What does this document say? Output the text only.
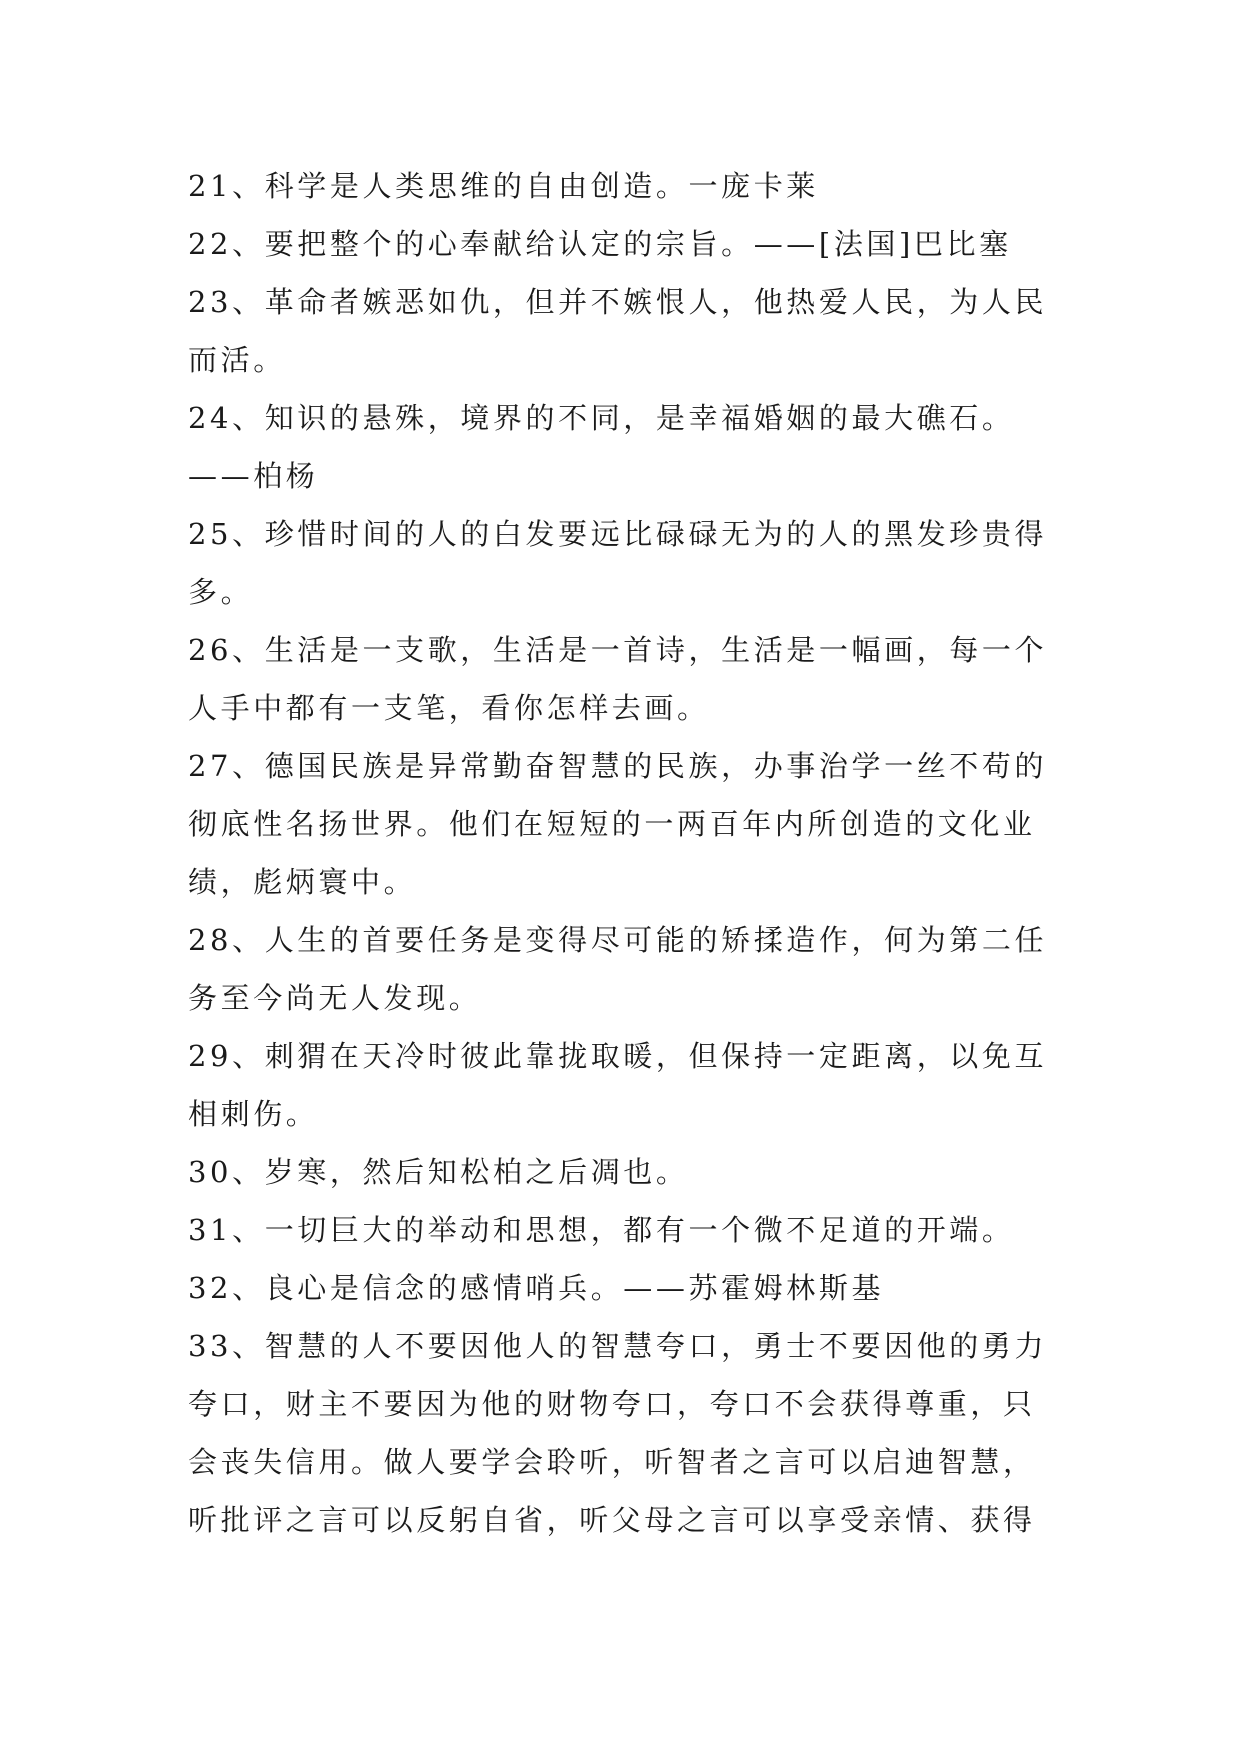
21、科学是人类思维的自由创造。一庞卡莱
22、要把整个的心奉献给认定的宗旨。——[法国]巴比塞
23、革命者嫉恶如仇，但并不嫉恨人，他热爱人民，为人民
而活。
24、知识的悬殊，境界的不同，是幸福婚姻的最大礁石。
——柏杨
25、珍惜时间的人的白发要远比碌碌无为的人的黑发珍贵得
多。
26、生活是一支歌，生活是一首诗，生活是一幅画，每一个
人手中都有一支笔，看你怎样去画。
27、德国民族是异常勤奋智慧的民族，办事治学一丝不苟的
彻底性名扬世界。他们在短短的一两百年内所创造的文化业
绩，彪炳寰中。
28、人生的首要任务是变得尽可能的矫揉造作，何为第二任
务至今尚无人发现。
29、刺猬在天冷时彼此靠拢取暖，但保持一定距离，以免互
相刺伤。
30、岁寒，然后知松柏之后凋也。
31、一切巨大的举动和思想，都有一个微不足道的开端。
32、良心是信念的感情哨兵。——苏霍姆林斯基
33、智慧的人不要因他人的智慧夸口，勇士不要因他的勇力
夸口，财主不要因为他的财物夸口，夸口不会获得尊重，只
会丧失信用。做人要学会聆听，听智者之言可以启迪智慧，
听批评之言可以反躬自省，听父母之言可以享受亲情、获得
